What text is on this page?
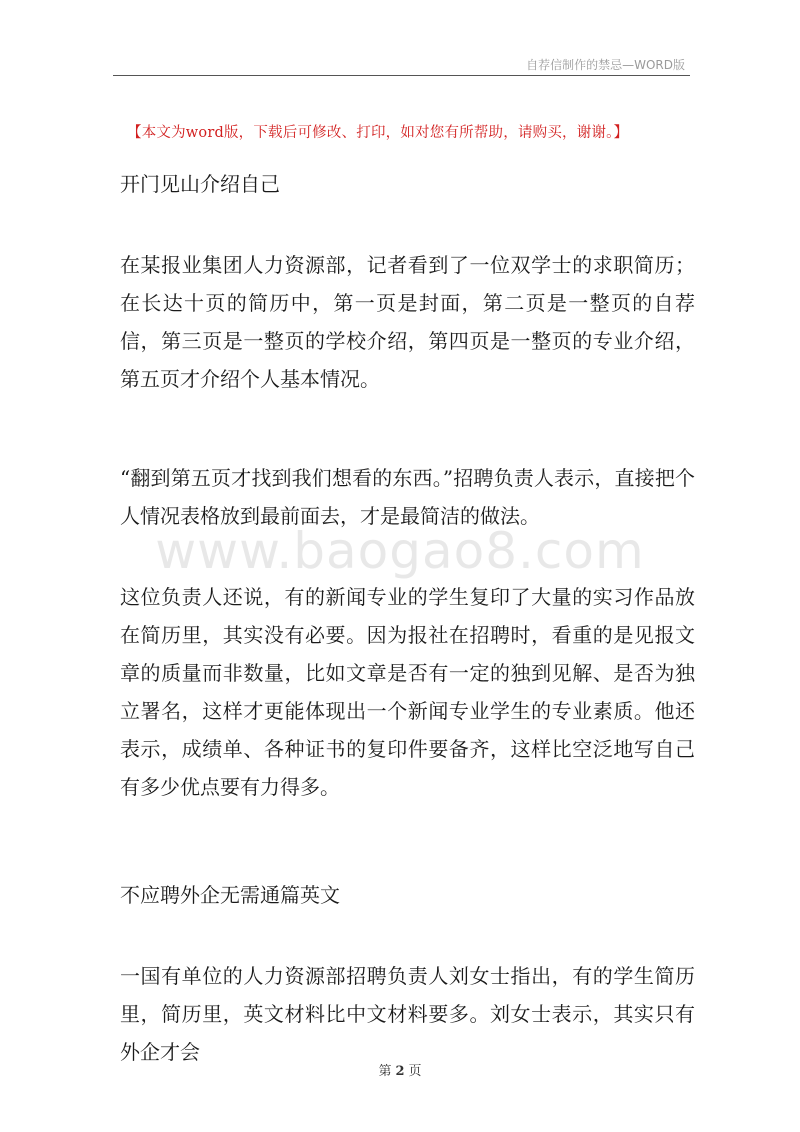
自荐信制作的禁忌—WORD版
【本文为word版，下载后可修改、打印，如对您有所帮助，请购买，谢谢。】
开门见山介绍自己
在某报业集团人力资源部，记者看到了一位双学士的求职简历；在长达十页的简历中，第一页是封面，第二页是一整页的自荐信，第三页是一整页的学校介绍，第四页是一整页的专业介绍，第五页才介绍个人基本情况。
“翻到第五页才找到我们想看的东西。”招聘负责人表示，直接把个人情况表格放到最前面去，才是最简洁的做法。
www.baogao8.com
这位负责人还说，有的新闻专业的学生复印了大量的实习作品放在简历里，其实没有必要。因为报社在招聘时，看重的是见报文章的质量而非数量，比如文章是否有一定的独到见解、是否为独立署名，这样才更能体现出一个新闻专业学生的专业素质。他还表示，成绩单、各种证书的复印件要备齐，这样比空泛地写自己有多少优点要有力得多。
不应聘外企无需通篇英文
一国有单位的人力资源部招聘负责人刘女士指出，有的学生简历里，简历里，英文材料比中文材料要多。刘女士表示，其实只有外企才会
第 2 页
